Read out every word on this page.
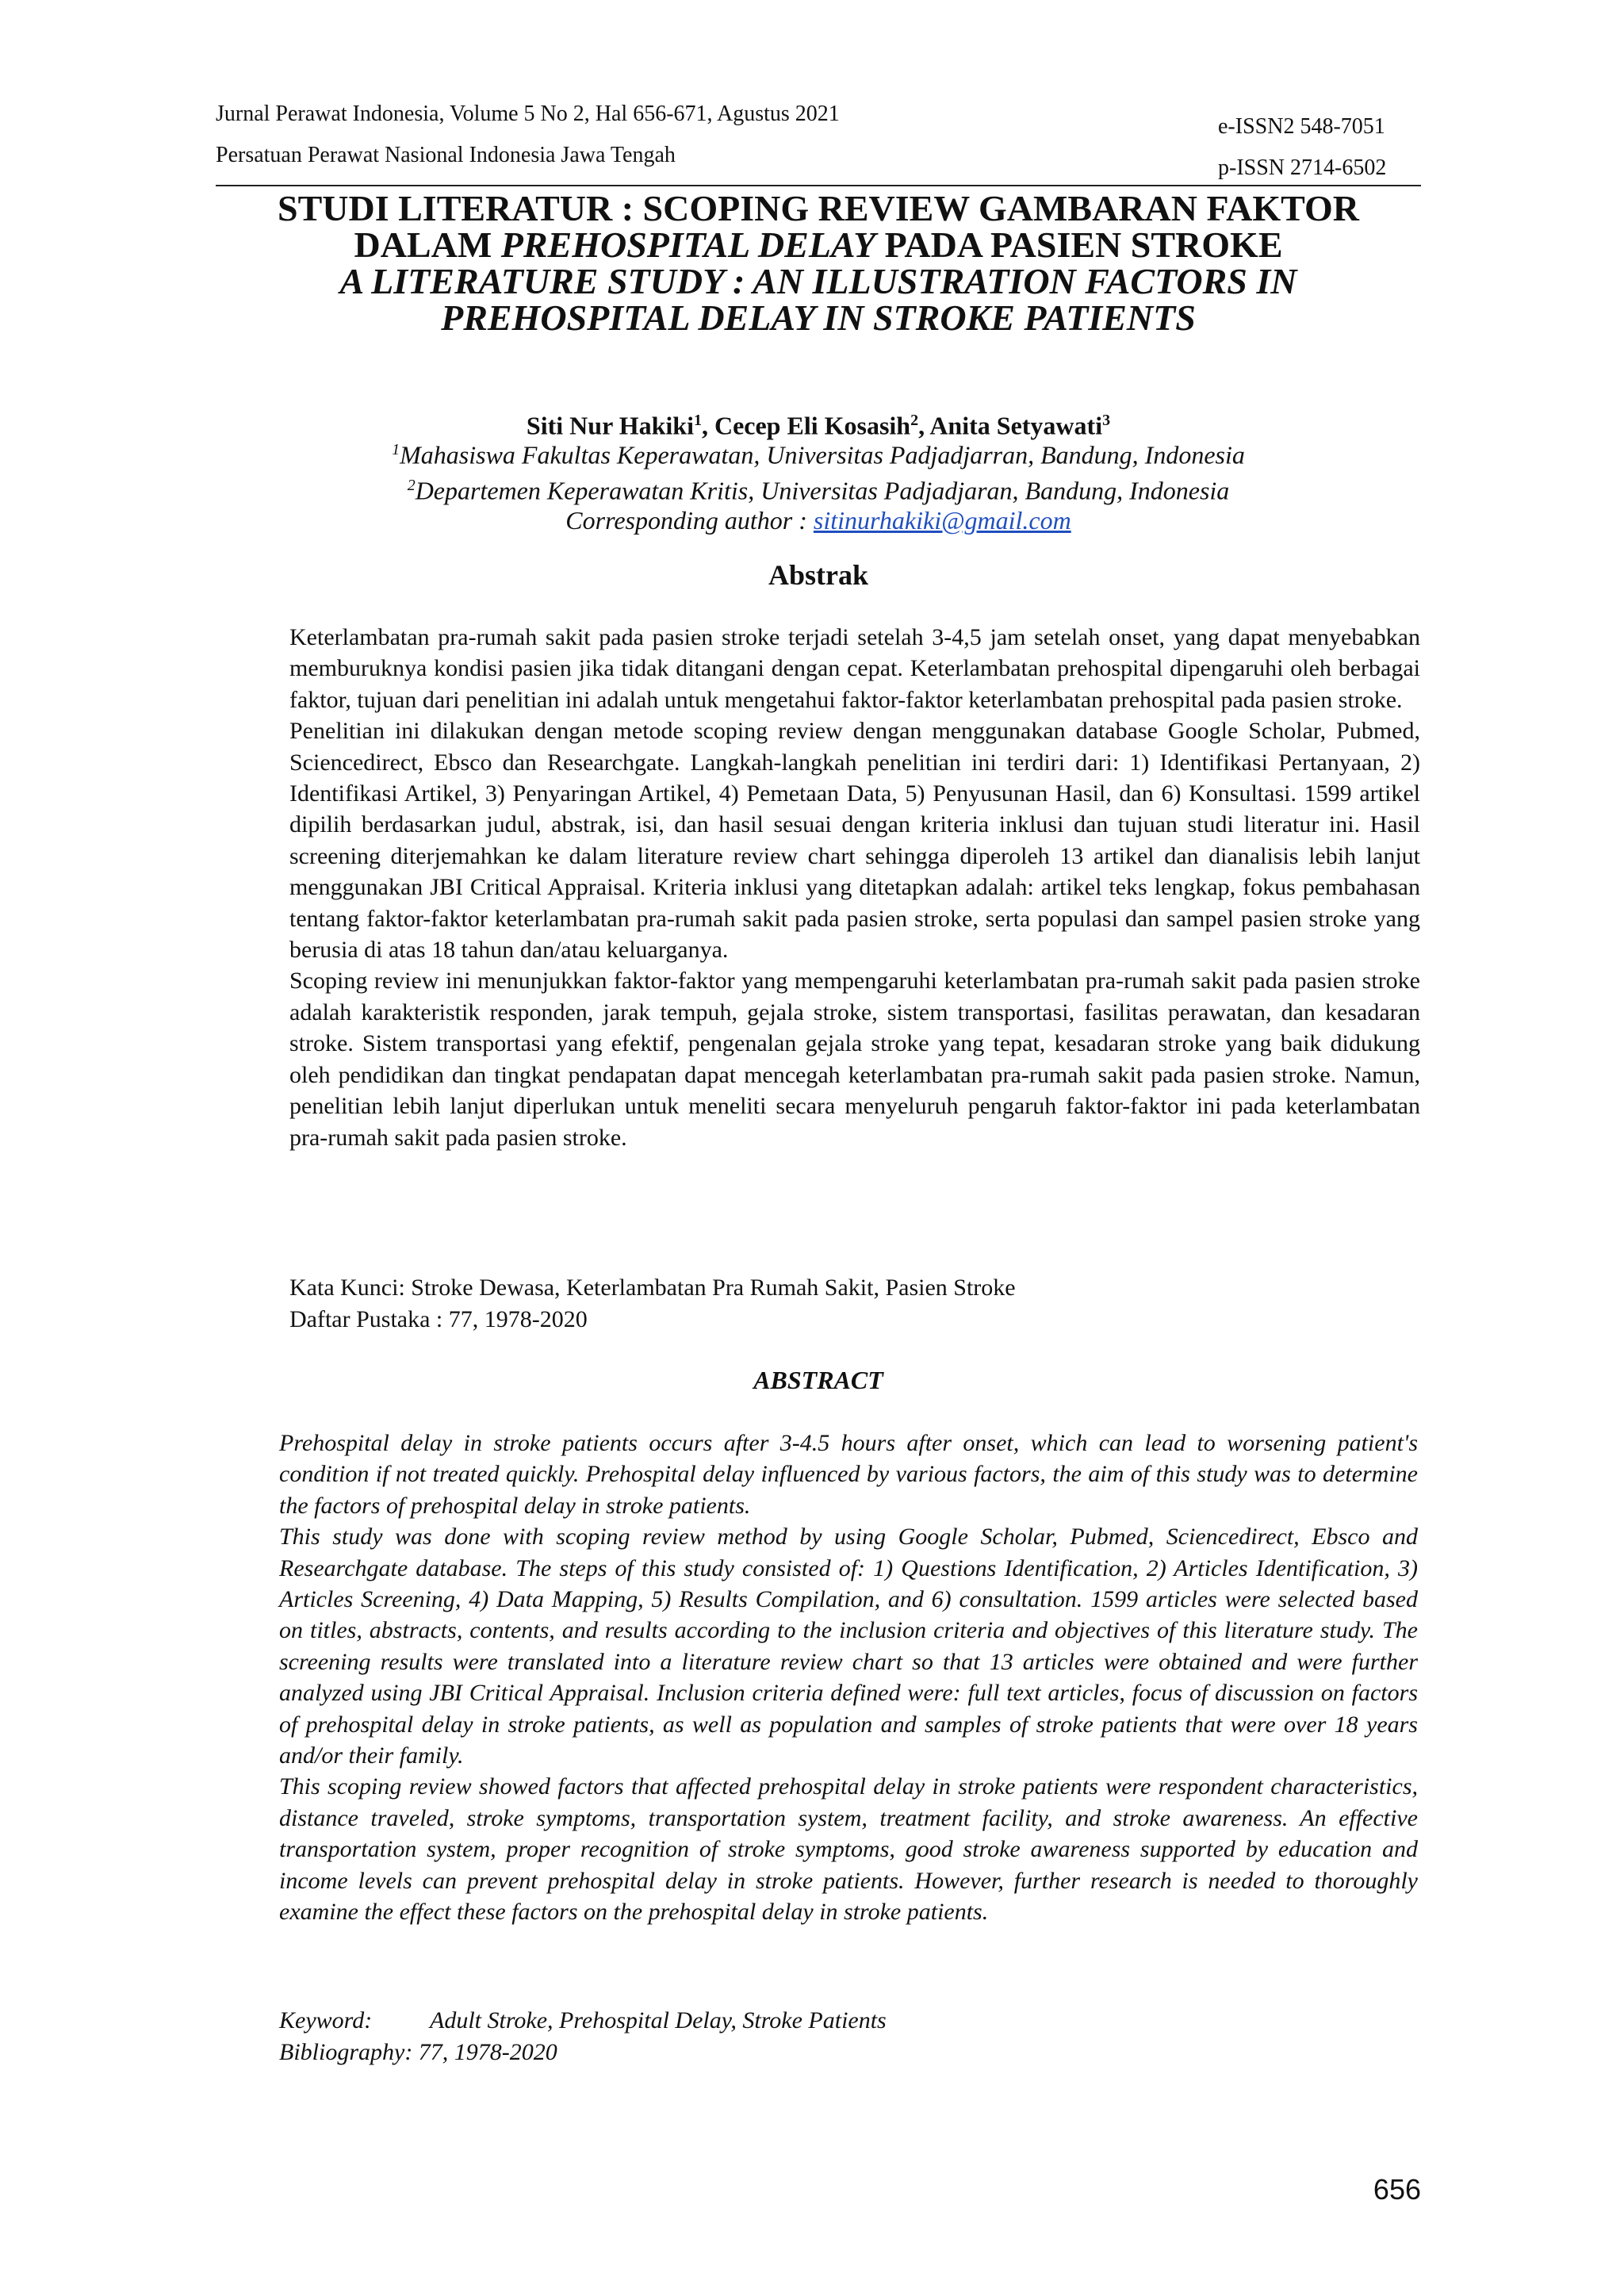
Jurnal Perawat Indonesia, Volume 5 No 2, Hal 656-671, Agustus 2021
Persatuan Perawat Nasional Indonesia Jawa Tengah
e-ISSN2 548-7051
p-ISSN 2714-6502
STUDI LITERATUR : SCOPING REVIEW GAMBARAN FAKTOR
DALAM PREHOSPITAL DELAY PADA PASIEN STROKE
A LITERATURE STUDY : AN ILLUSTRATION FACTORS IN
PREHOSPITAL DELAY IN STROKE PATIENTS
Siti Nur Hakiki$^1$, Cecep Eli Kosasih$^2$, Anita Setyawati$^3$
$^1$Mahasiswa Fakultas Keperawatan, Universitas Padjadjarran, Bandung, Indonesia
$^2$Departemen Keperawatan Kritis, Universitas Padjadjaran, Bandung, Indonesia
Corresponding author : sitinurhakiki@gmail.com
Abstrak

Keterlambatan pra-rumah sakit pada pasien stroke terjadi setelah 3-4,5 jam setelah onset, yang dapat menyebabkan memburuknya kondisi pasien jika tidak ditangani dengan cepat. Keterlambatan prehospital dipengaruhi oleh berbagai faktor, tujuan dari penelitian ini adalah untuk mengetahui faktor-faktor keterlambatan prehospital pada pasien stroke.

Penelitian ini dilakukan dengan metode scoping review dengan menggunakan database Google Scholar, Pubmed, Sciencedirect, Ebsco dan Researchgate. Langkah-langkah penelitian ini terdiri dari: 1) Identifikasi Pertanyaan, 2) Identifikasi Artikel, 3) Penyaringan Artikel, 4) Pemetaan Data, 5) Penyusunan Hasil, dan 6) Konsultasi. 1599 artikel dipilih berdasarkan judul, abstrak, isi, dan hasil sesuai dengan kriteria inklusi dan tujuan studi literatur ini. Hasil screening diterjemahkan ke dalam literature review chart sehingga diperoleh 13 artikel dan dianalisis lebih lanjut menggunakan JBI Critical Appraisal. Kriteria inklusi yang ditetapkan adalah: artikel teks lengkap, fokus pembahasan tentang faktor-faktor keterlambatan pra-rumah sakit pada pasien stroke, serta populasi dan sampel pasien stroke yang berusia di atas 18 tahun dan/atau keluarganya.

Scoping review ini menunjukkan faktor-faktor yang mempengaruhi keterlambatan pra-rumah sakit pada pasien stroke adalah karakteristik responden, jarak tempuh, gejala stroke, sistem transportasi, fasilitas perawatan, dan kesadaran stroke. Sistem transportasi yang efektif, pengenalan gejala stroke yang tepat, kesadaran stroke yang baik didukung oleh pendidikan dan tingkat pendapatan dapat mencegah keterlambatan pra-rumah sakit pada pasien stroke. Namun, penelitian lebih lanjut diperlukan untuk meneliti secara menyeluruh pengaruh faktor-faktor ini pada keterlambatan pra-rumah sakit pada pasien stroke.

Kata Kunci: Stroke Dewasa, Keterlambatan Pra Rumah Sakit, Pasien Stroke
Daftar Pustaka : 77, 1978-2020
ABSTRACT

Prehospital delay in stroke patients occurs after 3-4.5 hours after onset, which can lead to worsening patient's condition if not treated quickly. Prehospital delay influenced by various factors, the aim of this study was to determine the factors of prehospital delay in stroke patients.

This study was done with scoping review method by using Google Scholar, Pubmed, Sciencedirect, Ebsco and Researchgate database. The steps of this study consisted of: 1) Questions Identification, 2) Articles Identification, 3) Articles Screening, 4) Data Mapping, 5) Results Compilation, and 6) consultation. 1599 articles were selected based on titles, abstracts, contents, and results according to the inclusion criteria and objectives of this literature study. The screening results were translated into a literature review chart so that 13 articles were obtained and were further analyzed using JBI Critical Appraisal. Inclusion criteria defined were: full text articles, focus of discussion on factors of prehospital delay in stroke patients, as well as population and samples of stroke patients that were over 18 years and/or their family.

This scoping review showed factors that affected prehospital delay in stroke patients were respondent characteristics, distance traveled, stroke symptoms, transportation system, treatment facility, and stroke awareness. An effective transportation system, proper recognition of stroke symptoms, good stroke awareness supported by education and income levels can prevent prehospital delay in stroke patients. However, further research is needed to thoroughly examine the effect these factors on the prehospital delay in stroke patients.

Keyword: Adult Stroke, Prehospital Delay, Stroke Patients
Bibliography: 77, 1978-2020
656
